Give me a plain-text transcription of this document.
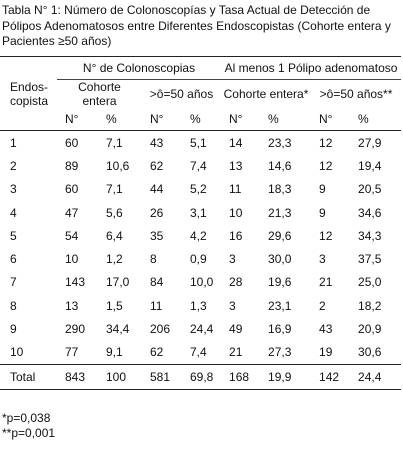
Tabla N° 1: Número de Colonoscopías y Tasa Actual de Detección de Pólipos Adenomatosos entre Diferentes Endoscopistas (Cohorte entera y Pacientes ≥50 años)

Endos-
copista	N° de Colonoscopias				Al menos 1 Pólipo adenomatoso			
	Cohorte
entera		>ô=50 años		Cohorte entera*		>ô=50 años**	
	N°	%	N°	%	N°	%	N°	%
1	60	7,1	43	5,1	14	23,3	12	27,9
2	89	10,6	62	7,4	13	14,6	12	19,4
3	60	7,1	44	5,2	11	18,3	9	20,5
4	47	5,6	26	3,1	10	21,3	9	34,6
5	54	6,4	35	4,2	16	29,6	12	34,3
6	10	1,2	8	0,9	3	30,0	3	37,5
7	143	17,0	84	10,0	28	19,6	21	25,0
8	13	1,5	11	1,3	3	23,1	2	18,2
9	290	34,4	206	24,4	49	16,9	43	20,9
10	77	9,1	62	7,4	21	27,3	19	30,6
Total	843	100	581	69,8	168	19,9	142	24,4
*p=0,038
**p=0,001
